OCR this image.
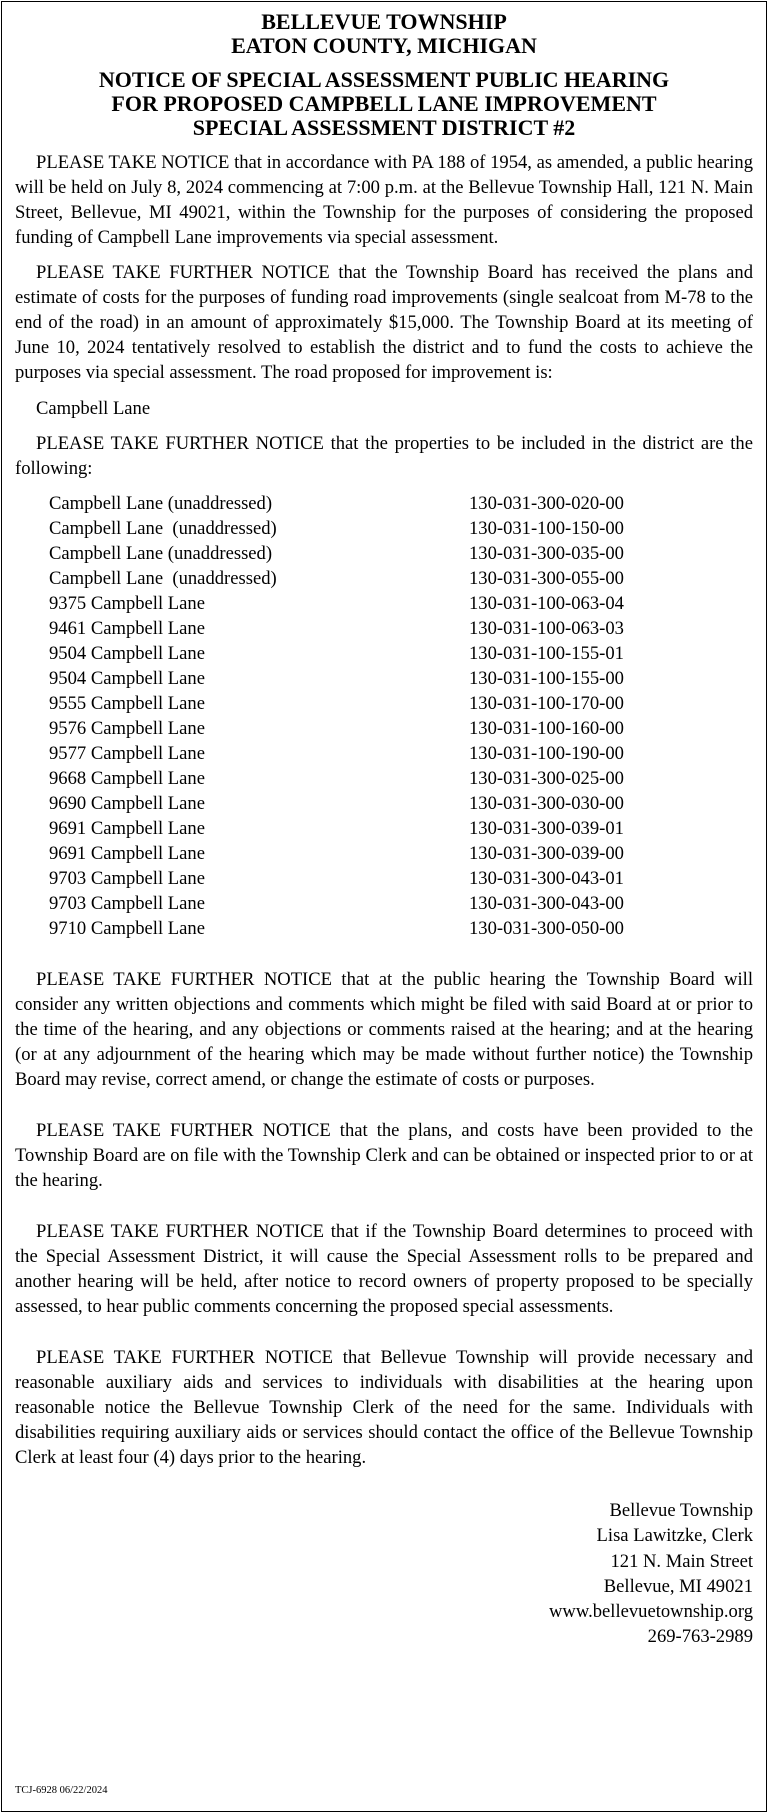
BELLEVUE TOWNSHIP
EATON COUNTY, MICHIGAN
NOTICE OF SPECIAL ASSESSMENT PUBLIC HEARING
FOR PROPOSED CAMPBELL LANE IMPROVEMENT
SPECIAL ASSESSMENT DISTRICT #2

PLEASE TAKE NOTICE that in accordance with PA 188 of 1954, as amended, a public hearing will be held on July 8, 2024 commencing at 7:00 p.m. at the Bellevue Township Hall, 121 N. Main Street, Bellevue, MI 49021, within the Township for the purposes of considering the proposed funding of Campbell Lane improvements via special assessment.

PLEASE TAKE FURTHER NOTICE that the Township Board has received the plans and estimate of costs for the purposes of funding road improvements (single sealcoat from M-78 to the end of the road) in an amount of approximately $15,000. The Township Board at its meeting of June 10, 2024 tentatively resolved to establish the district and to fund the costs to achieve the purposes via special assessment. The road proposed for improvement is:

Campbell Lane

PLEASE TAKE FURTHER NOTICE that the properties to be included in the district are the following:

Campbell Lane (unaddressed)	130-031-300-020-00
Campbell Lane  (unaddressed)	130-031-100-150-00
Campbell Lane (unaddressed)	130-031-300-035-00
Campbell Lane  (unaddressed)	130-031-300-055-00
9375 Campbell Lane	130-031-100-063-04
9461 Campbell Lane	130-031-100-063-03
9504 Campbell Lane	130-031-100-155-01
9504 Campbell Lane	130-031-100-155-00
9555 Campbell Lane	130-031-100-170-00
9576 Campbell Lane	130-031-100-160-00
9577 Campbell Lane	130-031-100-190-00
9668 Campbell Lane	130-031-300-025-00
9690 Campbell Lane	130-031-300-030-00
9691 Campbell Lane	130-031-300-039-01
9691 Campbell Lane	130-031-300-039-00
9703 Campbell Lane	130-031-300-043-01
9703 Campbell Lane	130-031-300-043-00
9710 Campbell Lane	130-031-300-050-00

PLEASE TAKE FURTHER NOTICE that at the public hearing the Township Board will consider any written objections and comments which might be filed with said Board at or prior to the time of the hearing, and any objections or comments raised at the hearing; and at the hearing (or at any adjournment of the hearing which may be made without further notice) the Township Board may revise, correct amend, or change the estimate of costs or purposes.

PLEASE TAKE FURTHER NOTICE that the plans, and costs have been provided to the Township Board are on file with the Township Clerk and can be obtained or inspected prior to or at the hearing.

PLEASE TAKE FURTHER NOTICE that if the Township Board determines to proceed with the Special Assessment District, it will cause the Special Assessment rolls to be prepared and another hearing will be held, after notice to record owners of property proposed to be specially assessed, to hear public comments concerning the proposed special assessments.

PLEASE TAKE FURTHER NOTICE that Bellevue Township will provide necessary and reasonable auxiliary aids and services to individuals with disabilities at the hearing upon reasonable notice the Bellevue Township Clerk of the need for the same. Individuals with disabilities requiring auxiliary aids or services should contact the office of the Bellevue Township Clerk at least four (4) days prior to the hearing.

Bellevue Township
Lisa Lawitzke, Clerk
121 N. Main Street
Bellevue, MI 49021
www.bellevuetownship.org
269-763-2989
TCJ-6928 06/22/2024
